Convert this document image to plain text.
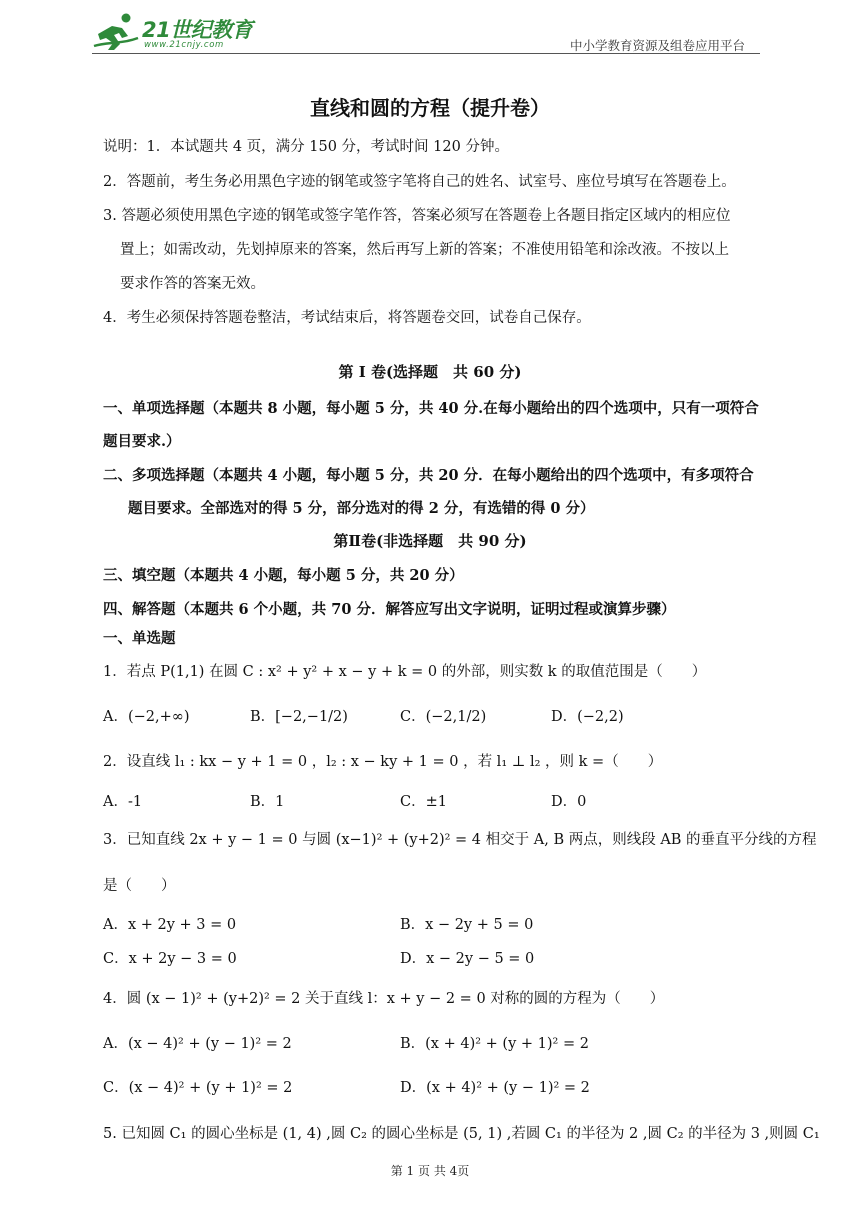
21世纪教育
www.21cnjy.com	中小学教育资源及组卷应用平台
直线和圆的方程（提升卷）
说明：1．本试题共 4 页，满分 150 分，考试时间 120 分钟。
2．答题前，考生务必用黑色字迹的钢笔或签字笔将自己的姓名、试室号、座位号填写在答题卷上。
3. 答题必须使用黑色字迹的钢笔或签字笔作答，答案必须写在答题卷上各题目指定区域内的相应位
置上；如需改动，先划掉原来的答案，然后再写上新的答案；不准使用铅笔和涂改液。不按以上
要求作答的答案无效。
4．考生必须保持答题卷整洁，考试结束后，将答题卷交回，试卷自己保存。
第 I 卷(选择题　共 60 分)
一、单项选择题（本题共 8 小题，每小题 5 分，共 40 分.在每小题给出的四个选项中，只有一项符合
题目要求.）
二、多项选择题（本题共 4 小题，每小题 5 分，共 20 分．在每小题给出的四个选项中，有多项符合
题目要求。全部选对的得 5 分，部分选对的得 2 分，有选错的得 0 分）
第Ⅱ卷(非选择题　共 90 分)
三、填空题（本题共 4 小题，每小题 5 分，共 20 分）
四、解答题（本题共 6 个小题，共 70 分．解答应写出文字说明，证明过程或演算步骤）
一、单选题
1．若点 P(1,1) 在圆 C : x² + y² + x − y + k = 0 的外部，则实数 k 的取值范围是（　　）
A．(−2,+∞)	B．[−2,−1/2)	C．(−2,1/2)	D．(−2,2)
2．设直线 l₁ : kx − y + 1 = 0 ，l₂ : x − ky + 1 = 0 ，若 l₁ ⊥ l₂ ，则 k =（　　）
A．-1	B．1	C．±1	D．0
3．已知直线 2x + y − 1 = 0 与圆 (x−1)² + (y+2)² = 4 相交于 A, B 两点，则线段 AB 的垂直平分线的方程
是（　　）
A．x + 2y + 3 = 0	B．x − 2y + 5 = 0
C．x + 2y − 3 = 0	D．x − 2y − 5 = 0
4．圆 (x − 1)² + (y+2)² = 2 关于直线 l：x + y − 2 = 0 对称的圆的方程为（　　）
A．(x − 4)² + (y − 1)² = 2	B．(x + 4)² + (y + 1)² = 2
C．(x − 4)² + (y + 1)² = 2	D．(x + 4)² + (y − 1)² = 2
5. 已知圆 C₁ 的圆心坐标是 (1, 4) ,圆 C₂ 的圆心坐标是 (5, 1) ,若圆 C₁ 的半径为 2 ,圆 C₂ 的半径为 3 ,则圆 C₁
第 1 页 共 4页
